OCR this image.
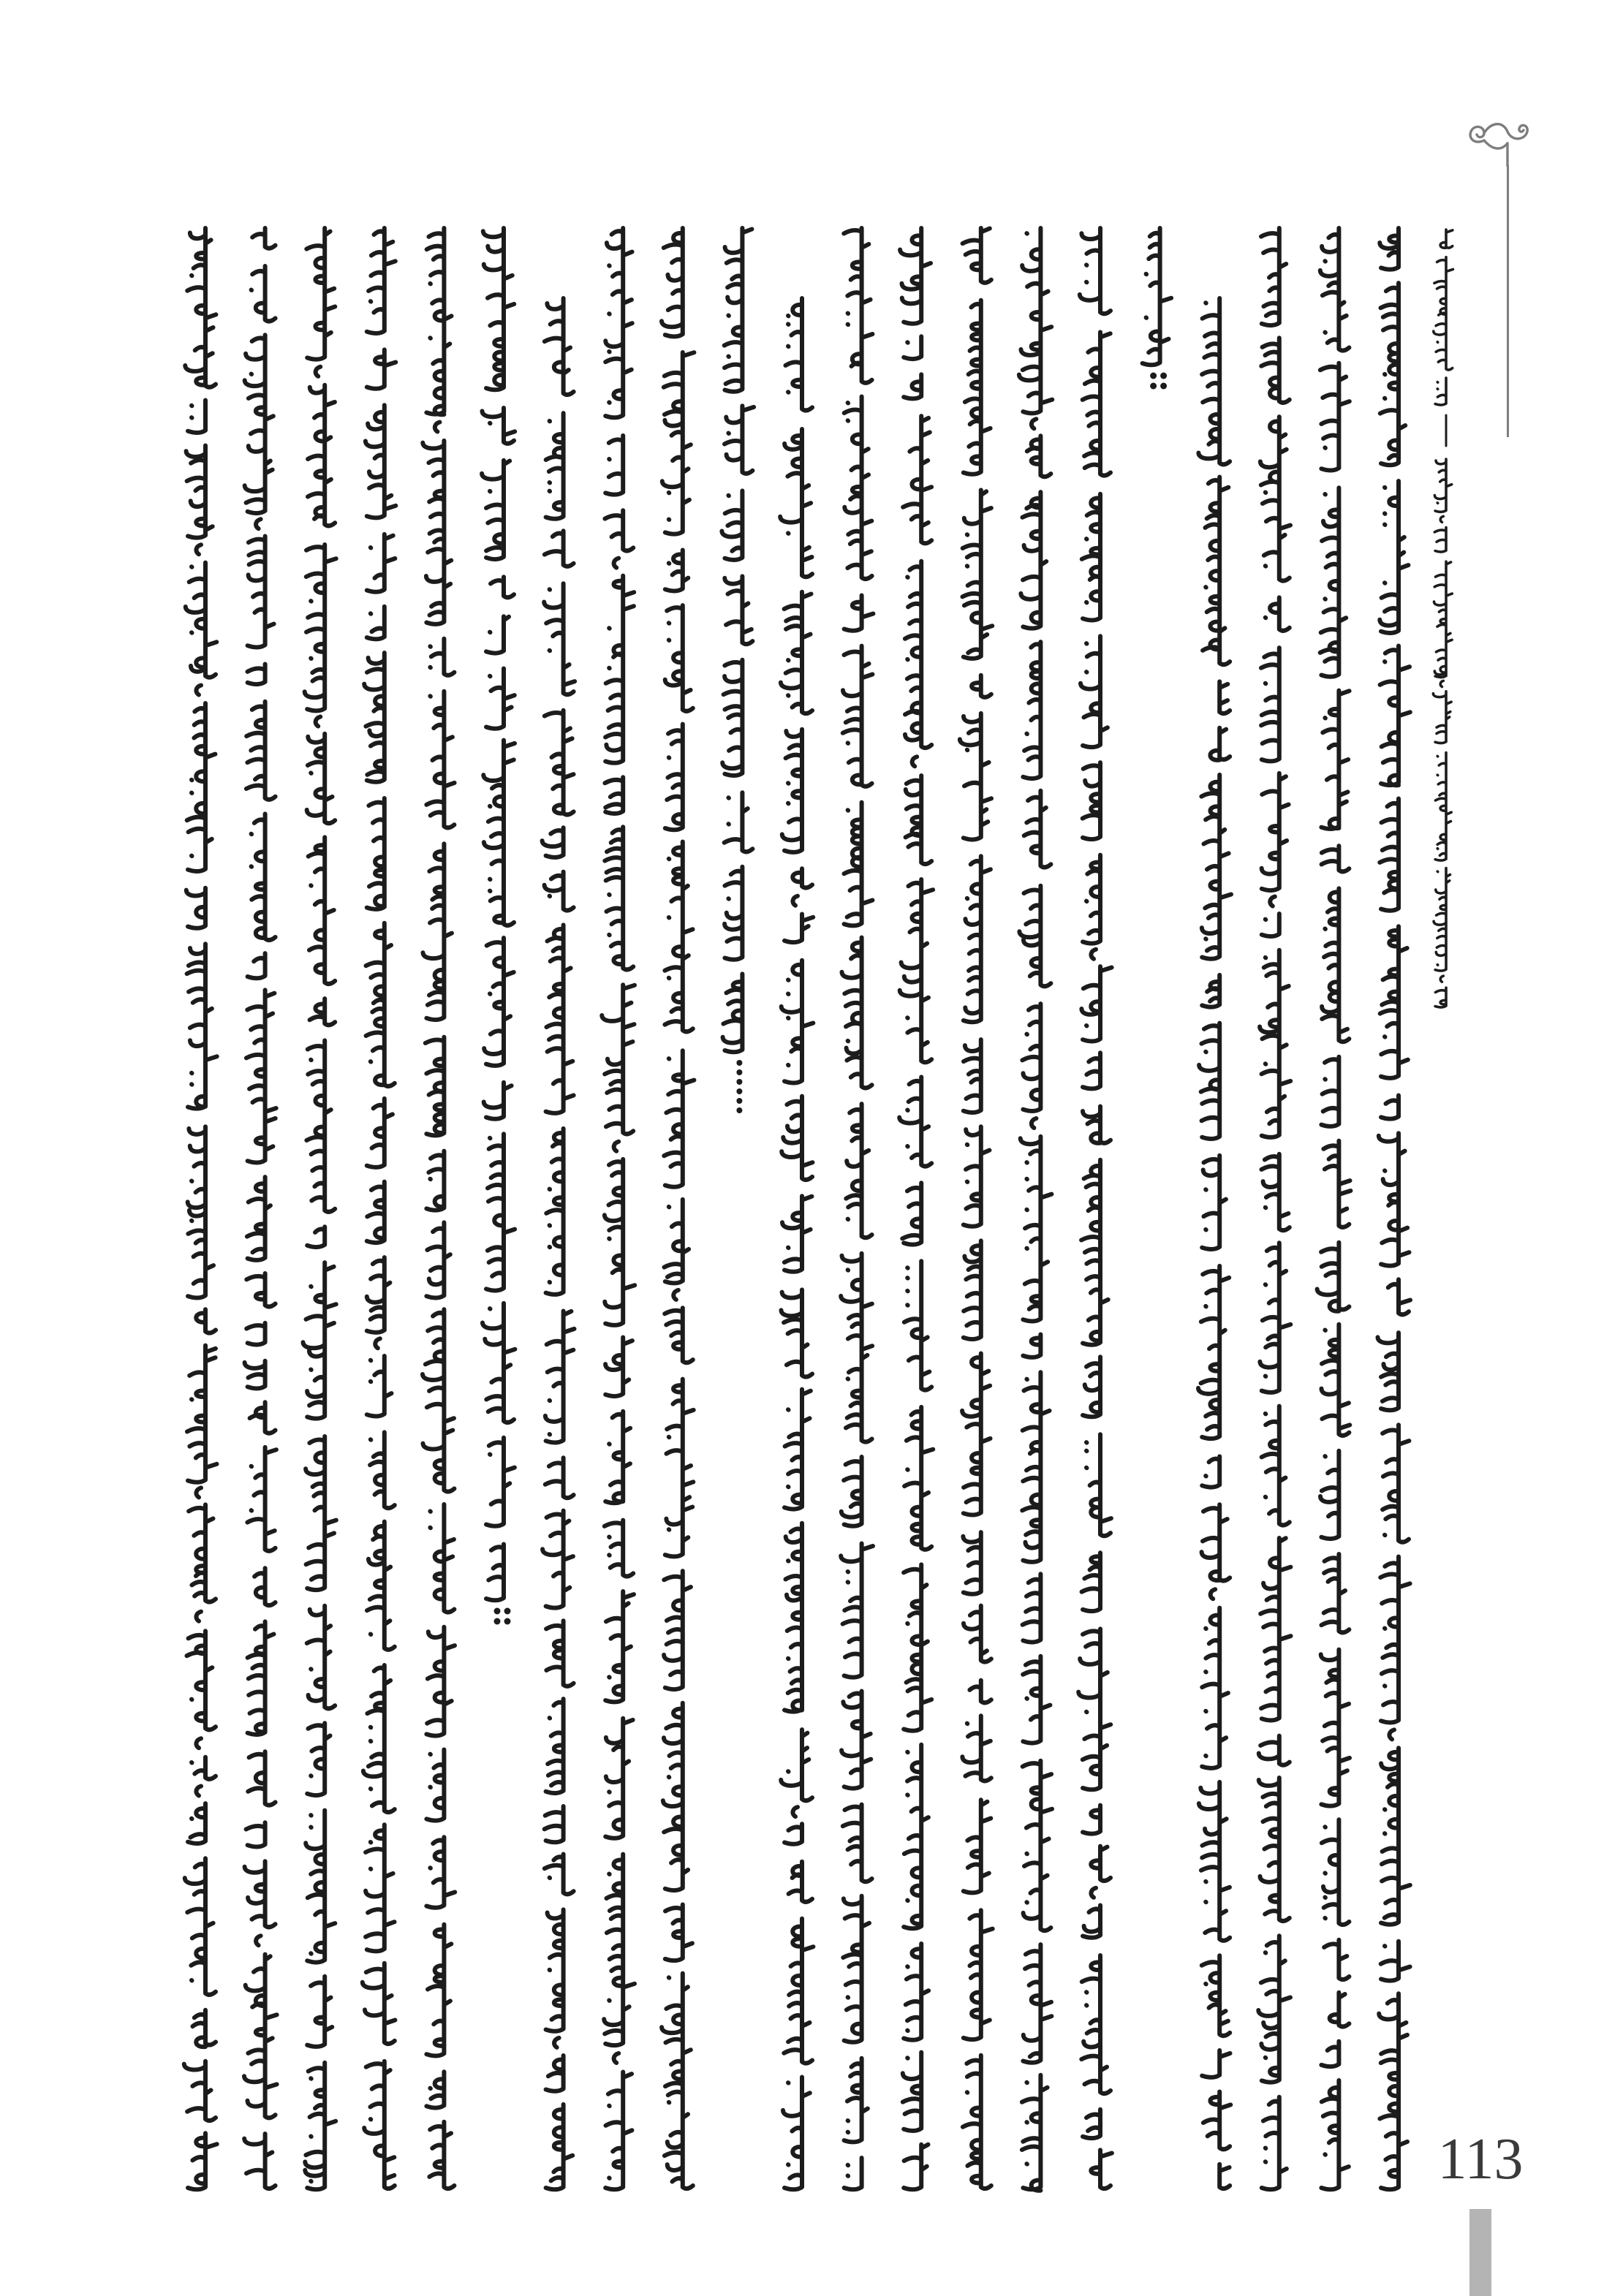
113
